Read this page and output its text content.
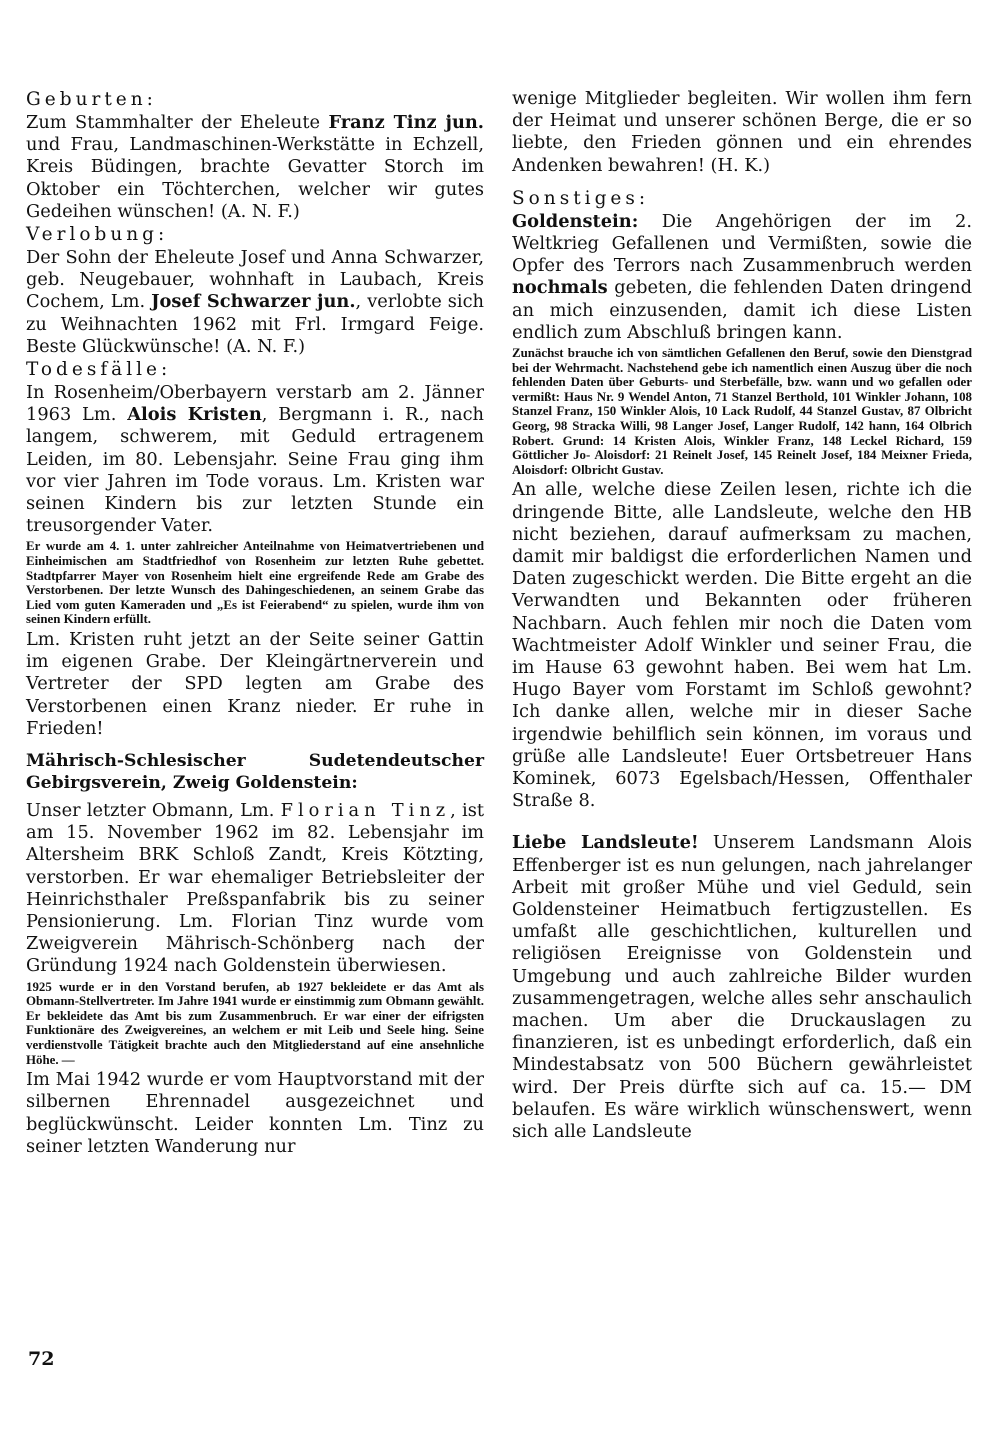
Geburten:

Zum Stammhalter der Eheleute Franz Tinz jun. und Frau, Landmaschinen-Werkstätte in Echzell, Kreis Büdingen, brachte Gevatter Storch im Oktober ein Töchterchen, welcher wir gutes Gedeihen wünschen! (A. N. F.)

Verlobung:

Der Sohn der Eheleute Josef und Anna Schwarzer, geb. Neugebauer, wohnhaft in Laubach, Kreis Cochem, Lm. Josef Schwarzer jun., verlobte sich zu Weihnachten 1962 mit Frl. Irmgard Feige. Beste Glückwünsche! (A. N. F.)

Todesfälle:

In Rosenheim/Oberbayern verstarb am 2. Jänner 1963 Lm. Alois Kristen, Bergmann i. R., nach langem, schwerem, mit Geduld ertragenem Leiden, im 80. Lebensjahr. Seine Frau ging ihm vor vier Jahren im Tode voraus. Lm. Kristen war seinen Kindern bis zur letzten Stunde ein treusorgender Vater.

Er wurde am 4. 1. unter zahlreicher Anteilnahme von Heimatvertriebenen und Einheimischen am Stadtfriedhof von Rosenheim zur letzten Ruhe gebettet. Stadtpfarrer Mayer von Rosenheim hielt eine ergreifende Rede am Grabe des Verstorbenen. Der letzte Wunsch des Dahingeschiedenen, an seinem Grabe das Lied vom guten Kameraden und „Es ist Feierabend“ zu spielen, wurde ihm von seinen Kindern erfüllt.

Lm. Kristen ruht jetzt an der Seite seiner Gattin im eigenen Grabe. Der Kleingärtnerverein und Vertreter der SPD legten am Grabe des Verstorbenen einen Kranz nieder. Er ruhe in Frieden!

Mährisch-Schlesischer Sudetendeutscher Gebirgsverein, Zweig Goldenstein:

Unser letzter Obmann, Lm. Florian Tinz, ist am 15. November 1962 im 82. Lebensjahr im Altersheim BRK Schloß Zandt, Kreis Kötzting, verstorben. Er war ehemaliger Betriebsleiter der Heinrichsthaler Preßspanfabrik bis zu seiner Pensionierung. Lm. Florian Tinz wurde vom Zweigverein Mährisch-Schönberg nach der Gründung 1924 nach Goldenstein überwiesen.

1925 wurde er in den Vorstand berufen, ab 1927 bekleidete er das Amt als Obmann-Stellvertreter. Im Jahre 1941 wurde er einstimmig zum Obmann gewählt. Er bekleidete das Amt bis zum Zusammenbruch. Er war einer der eifrigsten Funktionäre des Zweigvereines, an welchem er mit Leib und Seele hing. Seine verdienstvolle Tätigkeit brachte auch den Mitgliederstand auf eine ansehnliche Höhe. —

Im Mai 1942 wurde er vom Hauptvorstand mit der silbernen Ehrennadel ausgezeichnet und beglückwünscht. Leider konnten Lm. Tinz zu seiner letzten Wanderung nur

wenige Mitglieder begleiten. Wir wollen ihm fern der Heimat und unserer schönen Berge, die er so liebte, den Frieden gönnen und ein ehrendes Andenken bewahren! (H. K.)

Sonstiges:

Goldenstein: Die Angehörigen der im 2. Weltkrieg Gefallenen und Vermißten, sowie die Opfer des Terrors nach Zusammenbruch werden nochmals gebeten, die fehlenden Daten dringend an mich einzusenden, damit ich diese Listen endlich zum Abschluß bringen kann.

Zunächst brauche ich von sämtlichen Gefallenen den Beruf, sowie den Dienstgrad bei der Wehrmacht. Nachstehend gebe ich namentlich einen Auszug über die noch fehlenden Daten über Geburts- und Sterbefälle, bzw. wann und wo gefallen oder vermißt: Haus Nr. 9 Wendel Anton, 71 Stanzel Berthold, 101 Winkler Johann, 108 Stanzel Franz, 150 Winkler Alois, 10 Lack Rudolf, 44 Stanzel Gustav, 87 Olbricht Georg, 98 Stracka Willi, 98 Langer Josef, Langer Rudolf, 142 hann, 164 Olbrich Robert. Grund: 14 Kristen Alois, Winkler Franz, 148 Leckel Richard, 159 Göttlicher Jo- Aloisdorf: 21 Reinelt Josef, 145 Reinelt Josef, 184 Meixner Frieda, Aloisdorf: Olbricht Gustav.

An alle, welche diese Zeilen lesen, richte ich die dringende Bitte, alle Landsleute, welche den HB nicht beziehen, darauf aufmerksam zu machen, damit mir baldigst die erforderlichen Namen und Daten zugeschickt werden. Die Bitte ergeht an die Verwandten und Bekannten oder früheren Nachbarn. Auch fehlen mir noch die Daten vom Wachtmeister Adolf Winkler und seiner Frau, die im Hause 63 gewohnt haben. Bei wem hat Lm. Hugo Bayer vom Forstamt im Schloß gewohnt? Ich danke allen, welche mir in dieser Sache irgendwie behilflich sein können, im voraus und grüße alle Landsleute! Euer Ortsbetreuer Hans Kominek, 6073 Egelsbach/Hessen, Offenthaler Straße 8.

Liebe Landsleute! Unserem Landsmann Alois Effenberger ist es nun gelungen, nach jahrelanger Arbeit mit großer Mühe und viel Geduld, sein Goldensteiner Heimatbuch fertigzustellen. Es umfaßt alle geschichtlichen, kulturellen und religiösen Ereignisse von Goldenstein und Umgebung und auch zahlreiche Bilder wurden zusammengetragen, welche alles sehr anschaulich machen. Um aber die Druckauslagen zu finanzieren, ist es unbedingt erforderlich, daß ein Mindestabsatz von 500 Büchern gewährleistet wird. Der Preis dürfte sich auf ca. 15.— DM belaufen. Es wäre wirklich wünschenswert, wenn sich alle Landsleute

72
